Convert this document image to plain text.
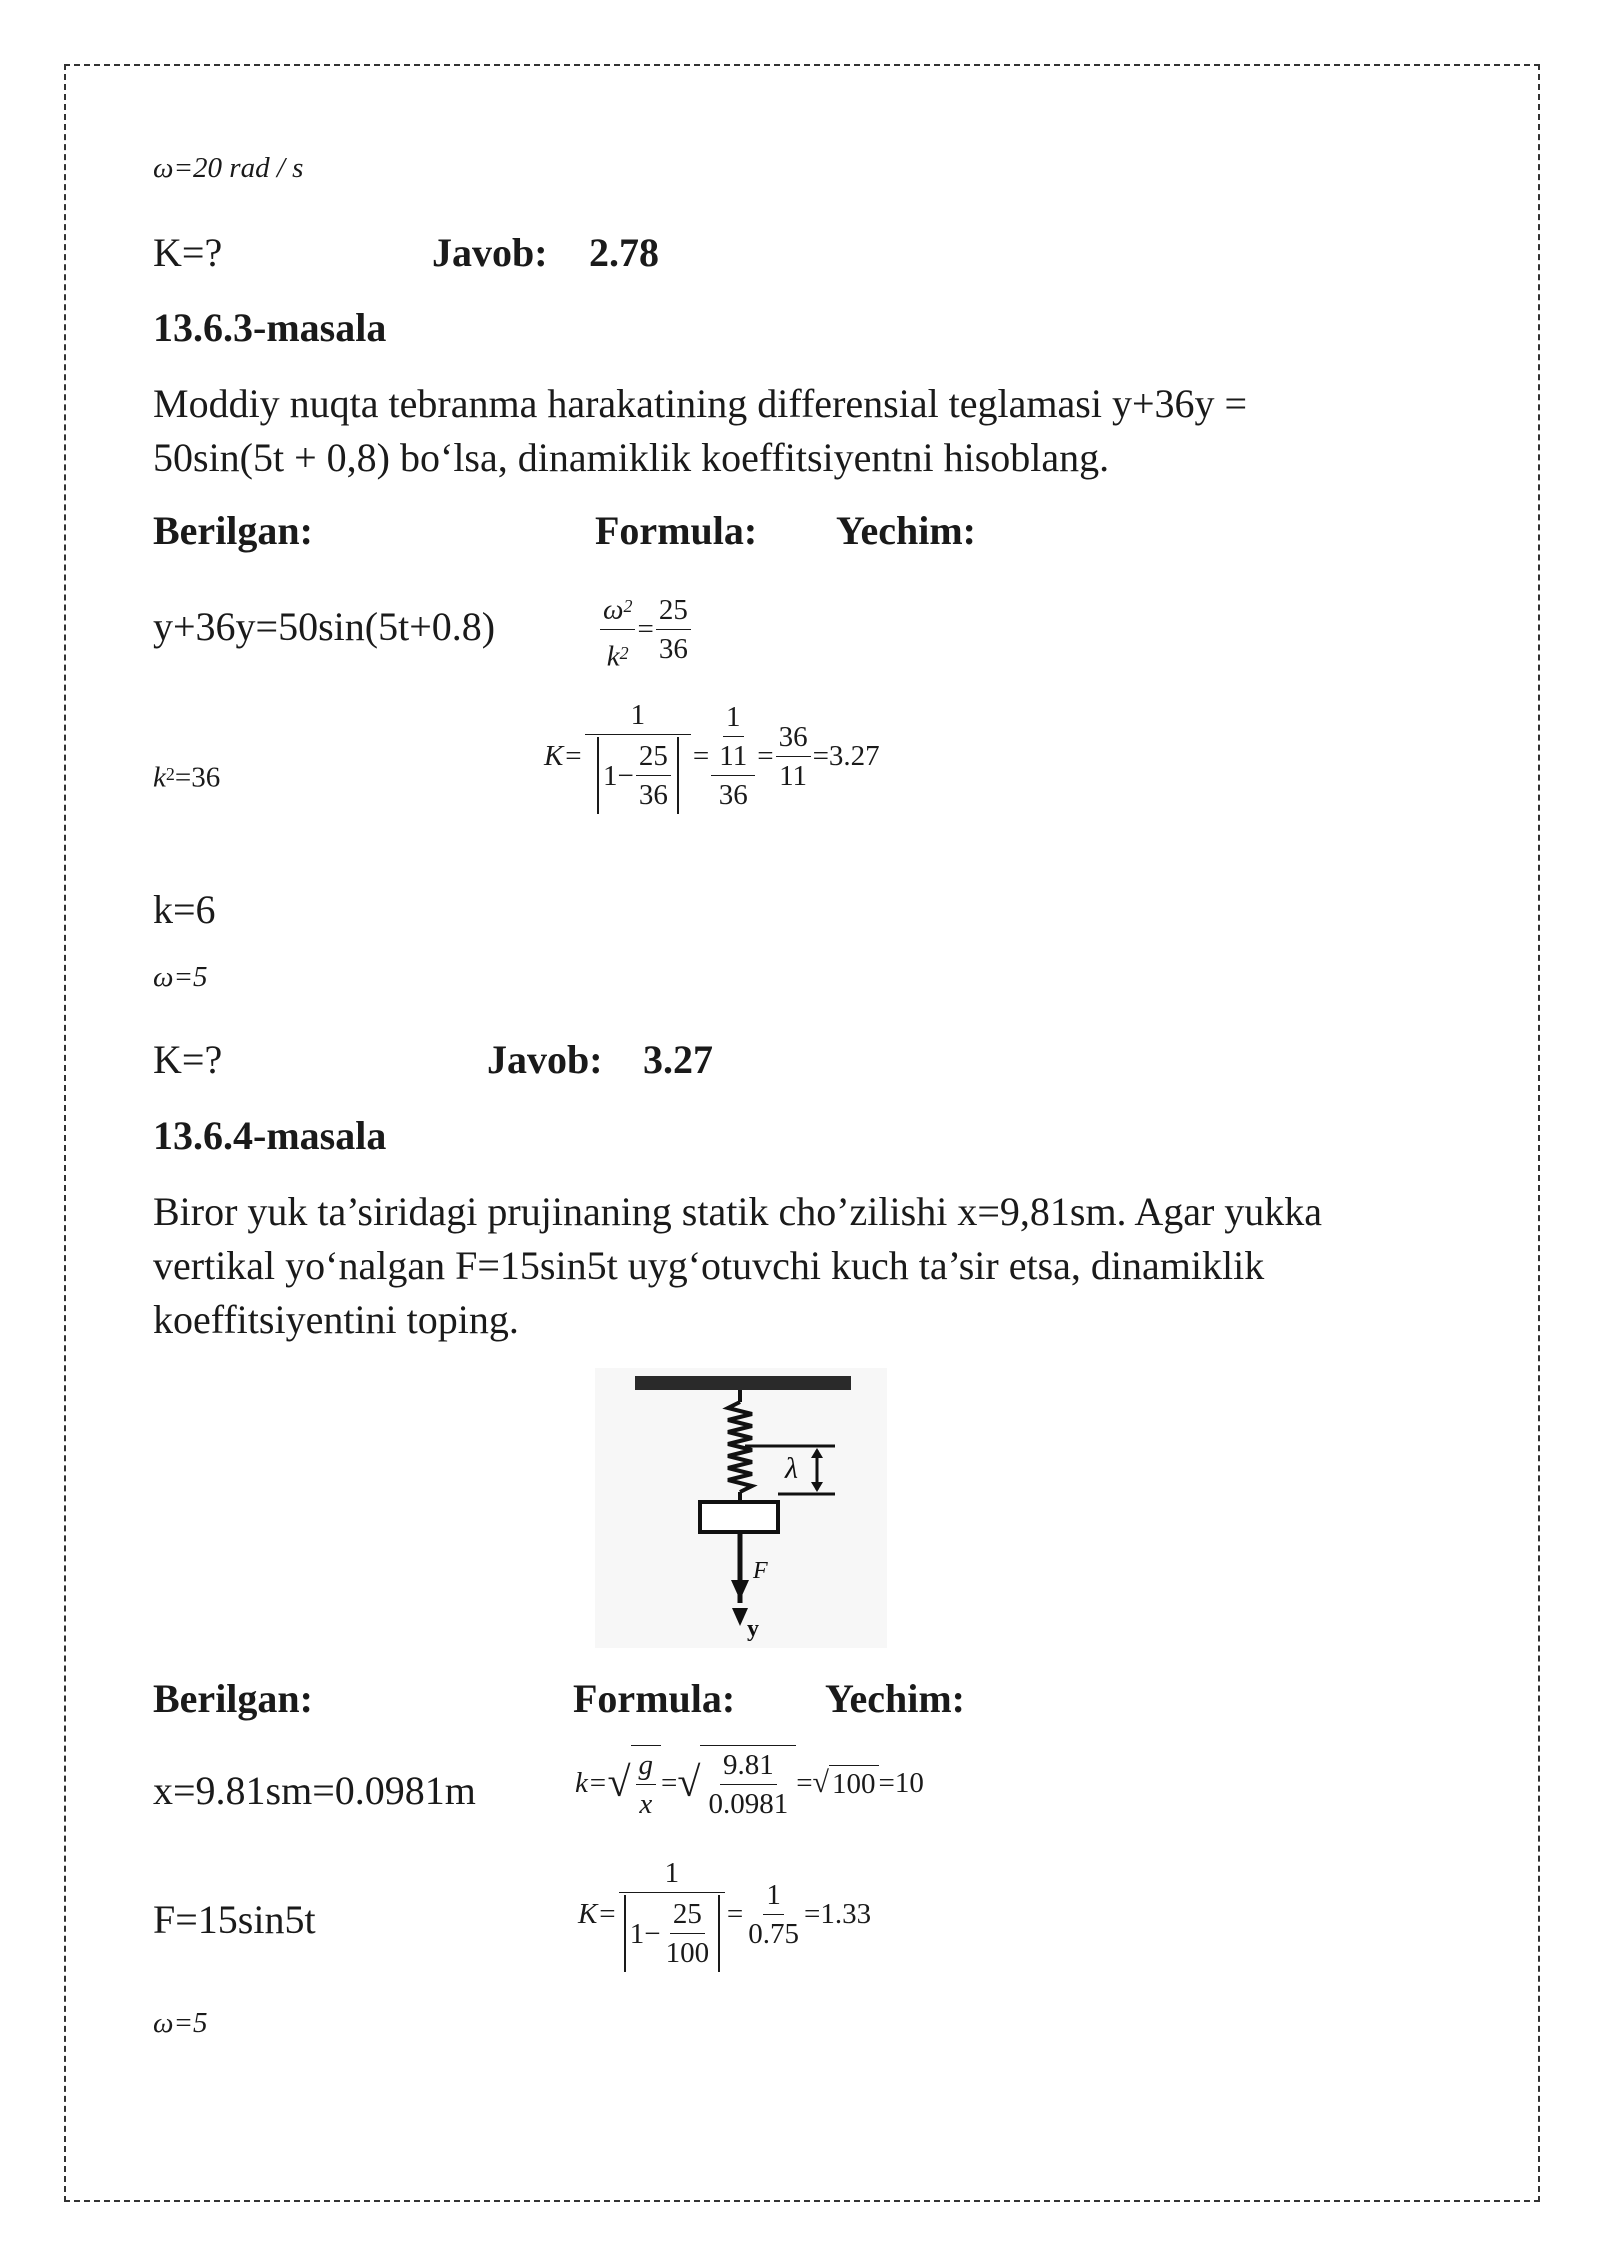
ω=20 rad / s
K=?	Javob: 2.78
13.6.3-masala
Moddiy nuqta tebranma harakatining differensial teglamasi y+36y =
50sin(5t + 0,8) bo‘lsa, dinamiklik koeffitsiyentni hisoblang.
Berilgan:	Formula: Yechim:
y+36y=50sin(5t+0.8)	$\frac{\omega^2}{k^2} = \frac{25}{36}$
$k^2=36$
$K= \frac{1}{1- \frac{25}{36}} = \frac{\frac{1}{11}}{36} = \frac{36}{11} =3.27$
k=6
ω=5
K=?	Javob: 3.27
13.6.4-masala
Biror yuk ta’siridagi prujinaning statik cho’zilishi x=9,81sm. Agar yukka
vertikal yo‘nalgan F=15sin5t uyg‘otuvchi kuch ta’sir etsa, dinamiklik
koeffitsiyentini toping.
λ
F
y
Berilgan:	Formula: Yechim:
x=9.81sm=0.0981m
F=15sin5t
ω=5
k= √ $\frac{g}{x}$ = √ $\frac{9.81}{0.0981}$ = √ 100 =10
$K= \frac{1}{1- \frac{25}{100}} = \frac{1}{0.75} =1.33$
